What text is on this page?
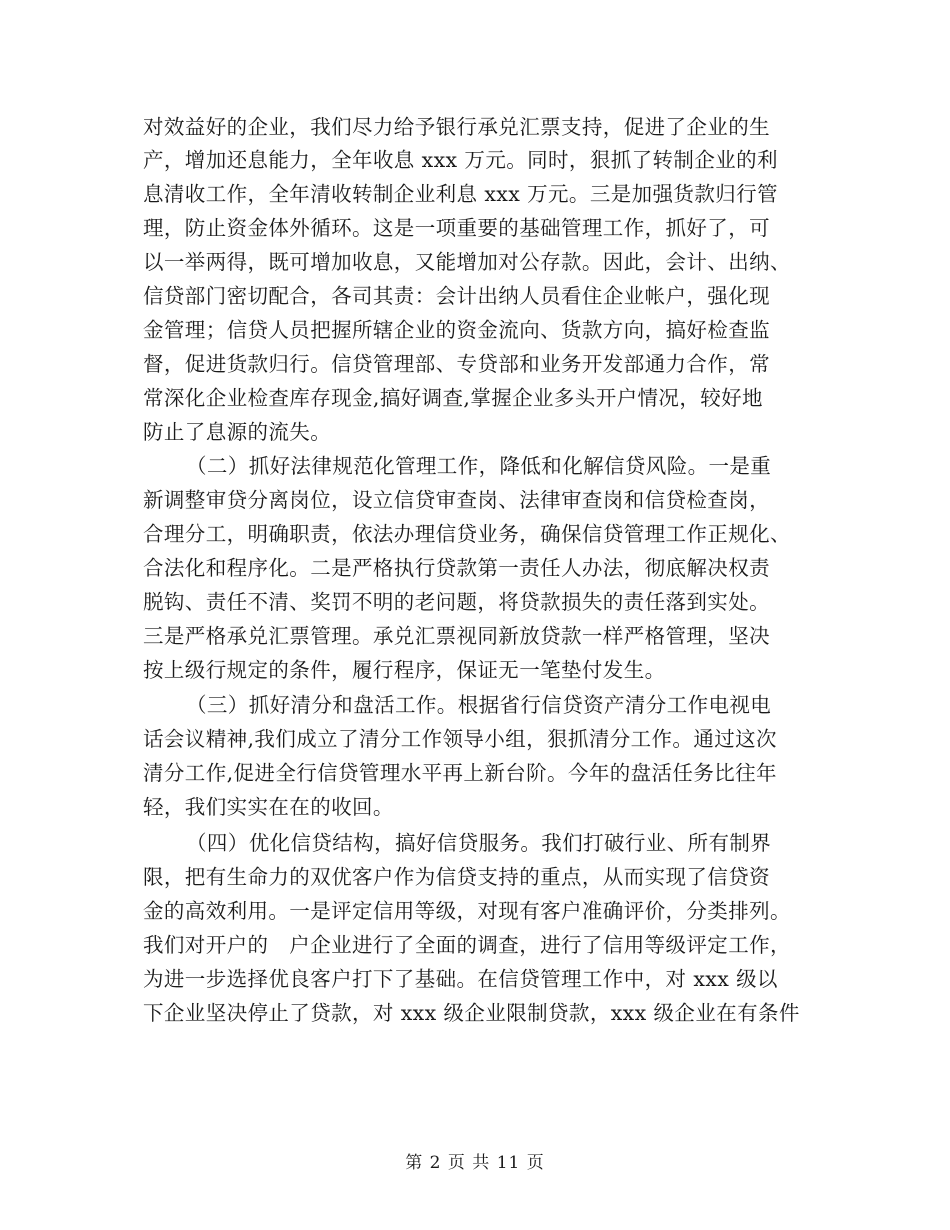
对效益好的企业，我们尽力给予银行承兑汇票支持，促进了企业的生
产，增加还息能力，全年收息 xxx 万元。同时，狠抓了转制企业的利
息清收工作，全年清收转制企业利息 xxx 万元。三是加强货款归行管
理，防止资金体外循环。这是一项重要的基础管理工作，抓好了，可
以一举两得，既可增加收息，又能增加对公存款。因此，会计、出纳、
信贷部门密切配合，各司其责：会计出纳人员看住企业帐户，强化现
金管理；信贷人员把握所辖企业的资金流向、货款方向，搞好检查监
督，促进货款归行。信贷管理部、专贷部和业务开发部通力合作，常
常深化企业检查库存现金,搞好调查,掌握企业多头开户情况，较好地
防止了息源的流失。
（二）抓好法律规范化管理工作，降低和化解信贷风险。一是重
新调整审贷分离岗位，设立信贷审查岗、法律审查岗和信贷检查岗，
合理分工，明确职责，依法办理信贷业务，确保信贷管理工作正规化、
合法化和程序化。二是严格执行贷款第一责任人办法，彻底解决权责
脱钩、责任不清、奖罚不明的老问题，将贷款损失的责任落到实处。
三是严格承兑汇票管理。承兑汇票视同新放贷款一样严格管理，坚决
按上级行规定的条件，履行程序，保证无一笔垫付发生。
（三）抓好清分和盘活工作。根据省行信贷资产清分工作电视电
话会议精神,我们成立了清分工作领导小组，狠抓清分工作。通过这次
清分工作,促进全行信贷管理水平再上新台阶。今年的盘活任务比往年
轻，我们实实在在的收回。
（四）优化信贷结构，搞好信贷服务。我们打破行业、所有制界
限，把有生命力的双优客户作为信贷支持的重点，从而实现了信贷资
金的高效利用。一是评定信用等级，对现有客户准确评价，分类排列。
我们对开户的　户企业进行了全面的调查，进行了信用等级评定工作，
为进一步选择优良客户打下了基础。在信贷管理工作中，对 xxx 级以
下企业坚决停止了贷款，对 xxx 级企业限制贷款，xxx 级企业在有条件
第 2 页 共 11 页
